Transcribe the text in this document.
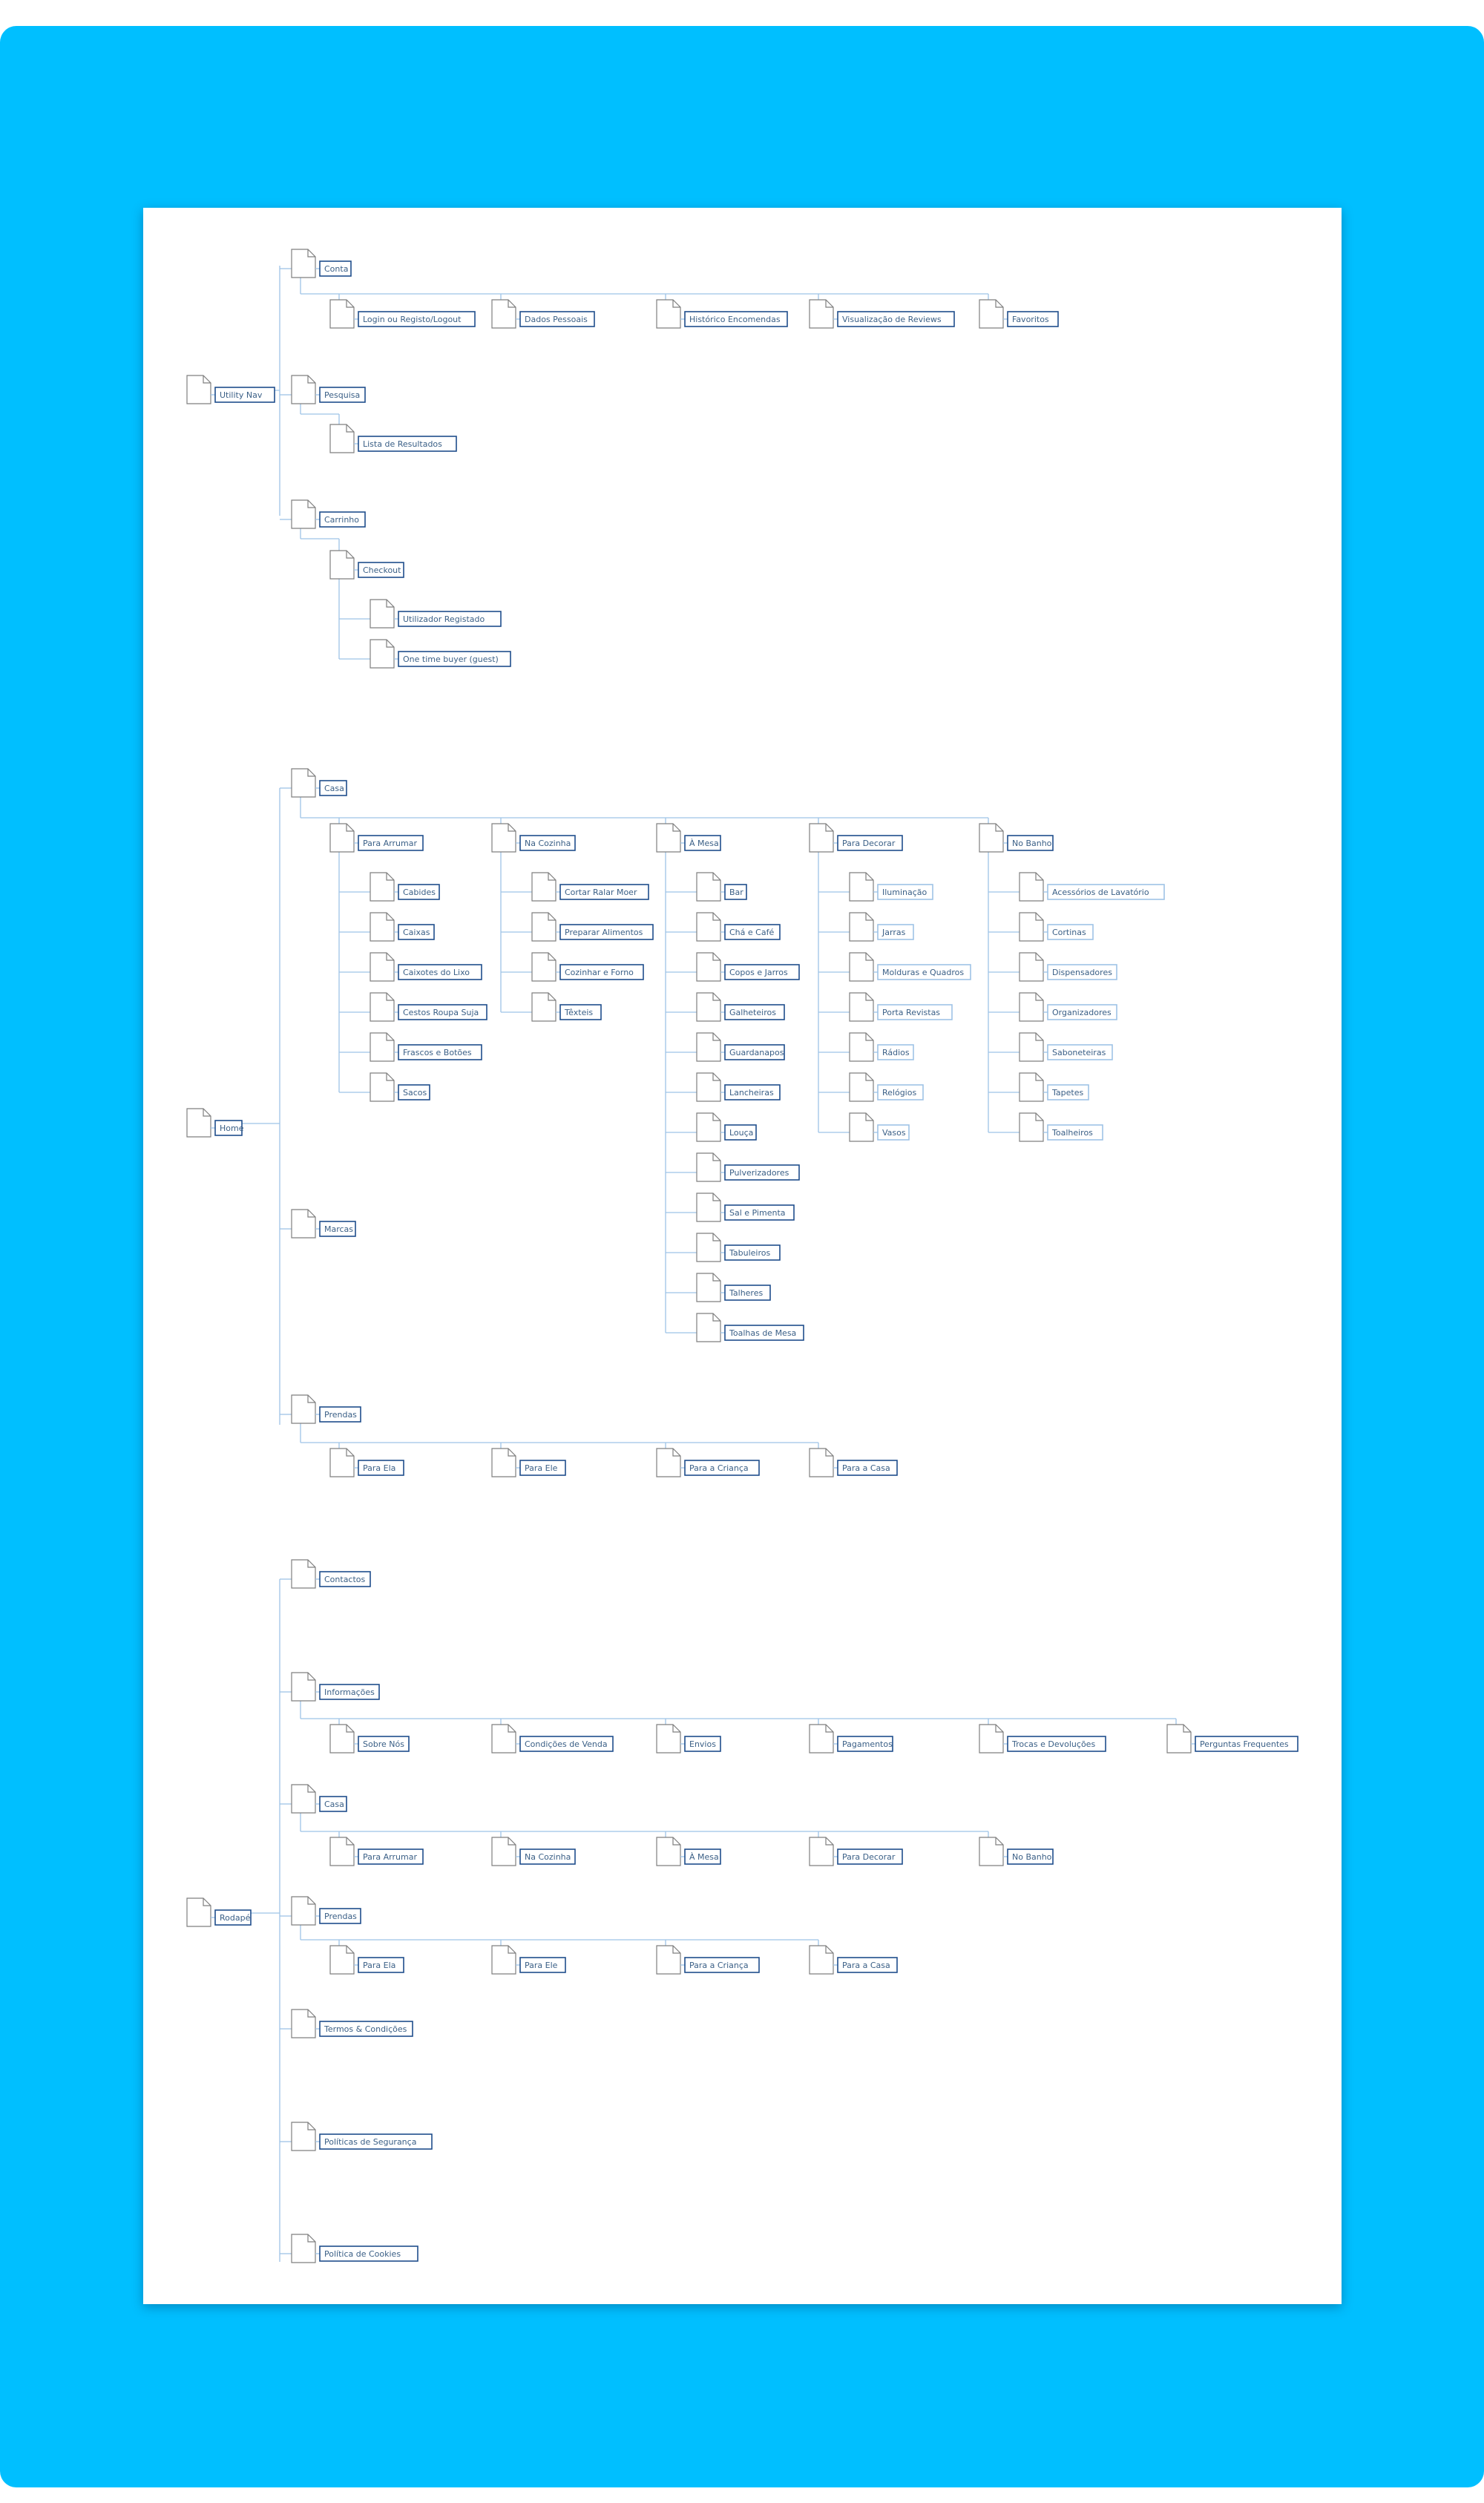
Utility Nav
Conta
Pesquisa
Carrinho
Login ou Registo/Logout	Dados Pessoais	Histórico Encomendas	Visualização de Reviews	Favoritos
Lista de Resultados
Checkout
Utilizador Registado
One time buyer (guest)
Home
Casa
Marcas
Prendas
Para Arrumar	Na Cozinha	À Mesa	Para Decorar	No Banho
Cabides
Caixas
Caixotes do Lixo
Cestos Roupa Suja
Frascos e Botões
Sacos
Cortar Ralar Moer
Preparar Alimentos
Cozinhar e Forno
Têxteis
Bar
Chá e Café
Copos e Jarros
Galheteiros
Guardanapos
Lancheiras
Louça
Pulverizadores
Sal e Pimenta
Tabuleiros
Talheres
Toalhas de Mesa
Iluminação
Jarras
Molduras e Quadros
Porta Revistas
Rádios
Relógios
Vasos
Acessórios de Lavatório
Cortinas
Dispensadores
Organizadores
Saboneteiras
Tapetes
Toalheiros
Para Ela	Para Ele	Para a Criança	Para a Casa
Rodapé
Contactos
Informações
Casa
Prendas
Termos & Condições
Políticas de Segurança
Política de Cookies
Sobre Nós	Condições de Venda	Envios	Pagamentos	Trocas e Devoluções	Perguntas Frequentes
Para Arrumar	Na Cozinha	À Mesa	Para Decorar	No Banho
Para Ela	Para Ele	Para a Criança	Para a Casa
